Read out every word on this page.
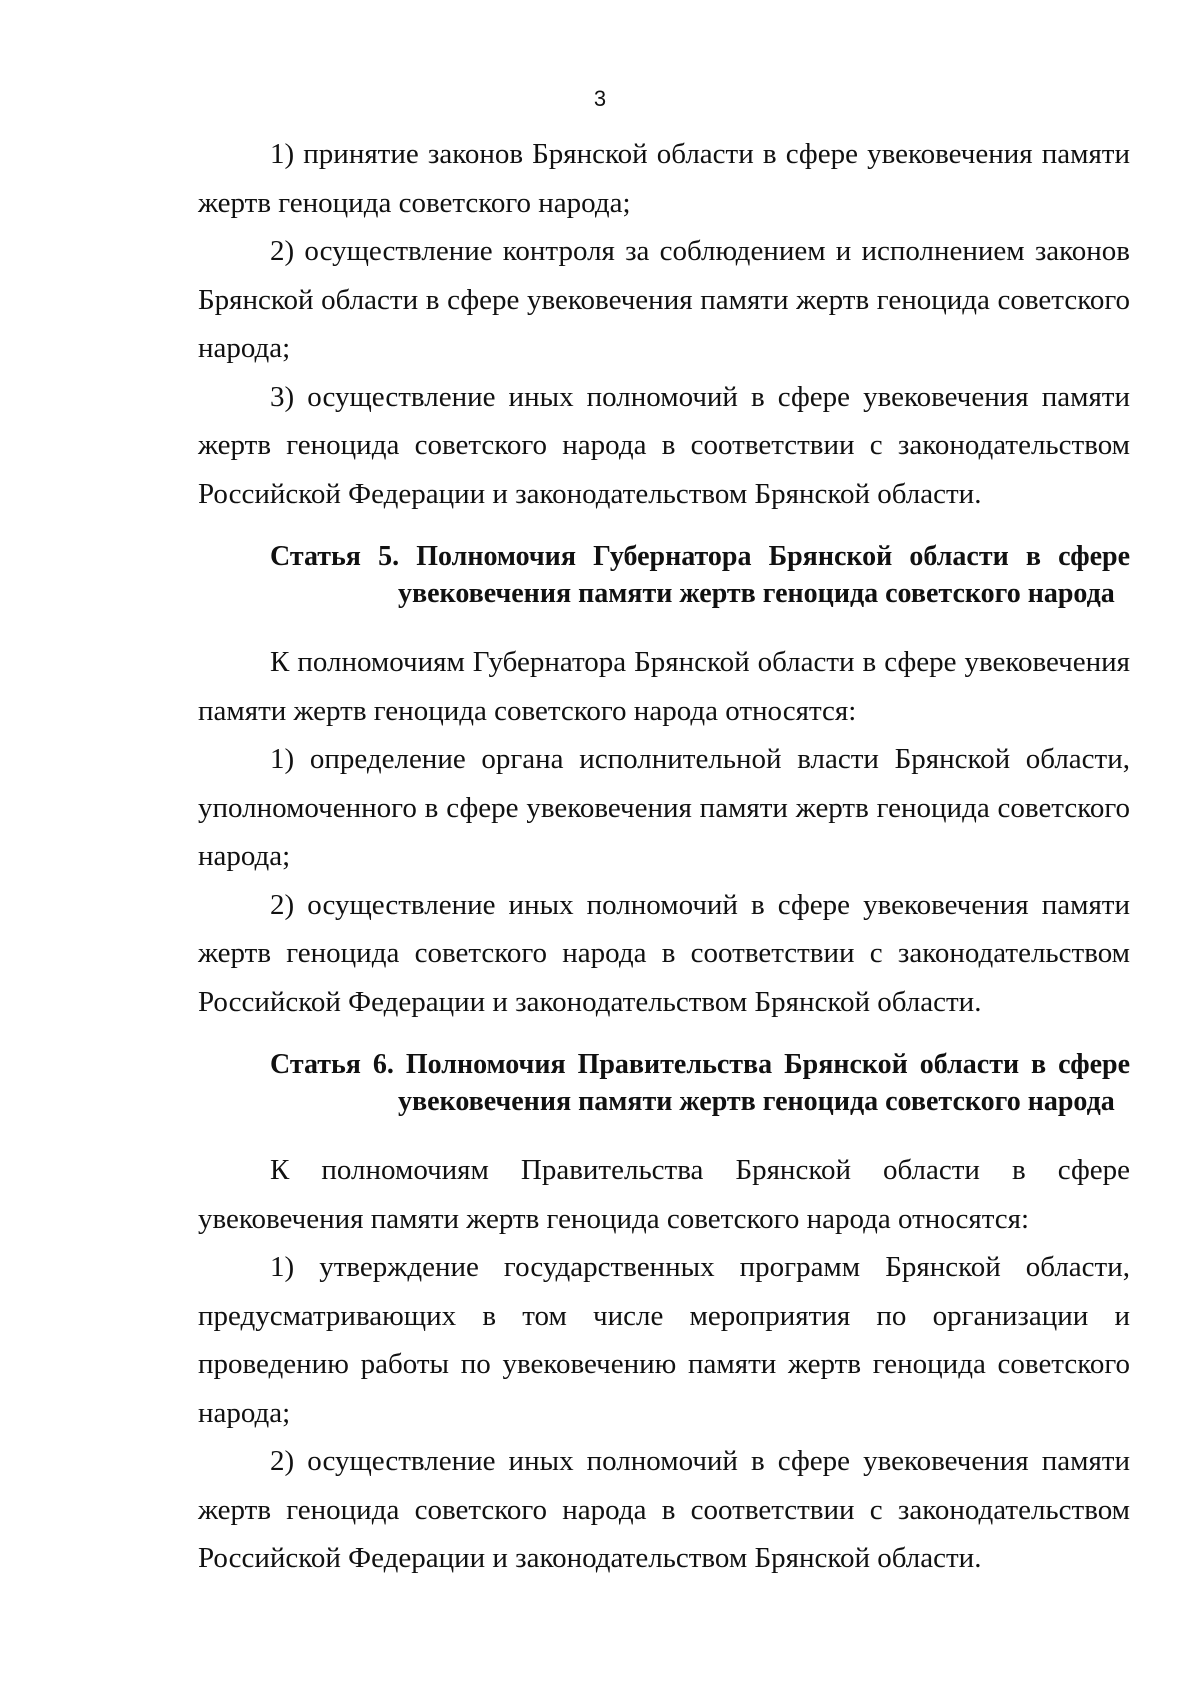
3

1) принятие законов Брянской области в сфере увековечения памяти жертв геноцида советского народа;

2) осуществление контроля за соблюдением и исполнением законов Брянской области в сфере увековечения памяти жертв геноцида советского народа;

3) осуществление иных полномочий в сфере увековечения памяти жертв геноцида советского народа в соответствии с законодательством Российской Федерации и законодательством Брянской области.

Статья 5. Полномочия Губернатора Брянской области в сфере
увековечения памяти жертв геноцида советского народа

К полномочиям Губернатора Брянской области в сфере увековечения памяти жертв геноцида советского народа относятся:

1) определение органа исполнительной власти Брянской области, уполномоченного в сфере увековечения памяти жертв геноцида советского народа;

2) осуществление иных полномочий в сфере увековечения памяти жертв геноцида советского народа в соответствии с законодательством Российской Федерации и законодательством Брянской области.

Статья 6. Полномочия Правительства Брянской области в сфере
увековечения памяти жертв геноцида советского народа

К полномочиям Правительства Брянской области в сфере увековечения памяти жертв геноцида советского народа относятся:

1) утверждение государственных программ Брянской области, предусматривающих в том числе мероприятия по организации и проведению работы по увековечению памяти жертв геноцида советского народа;

2) осуществление иных полномочий в сфере увековечения памяти жертв геноцида советского народа в соответствии с законодательством Российской Федерации и законодательством Брянской области.
